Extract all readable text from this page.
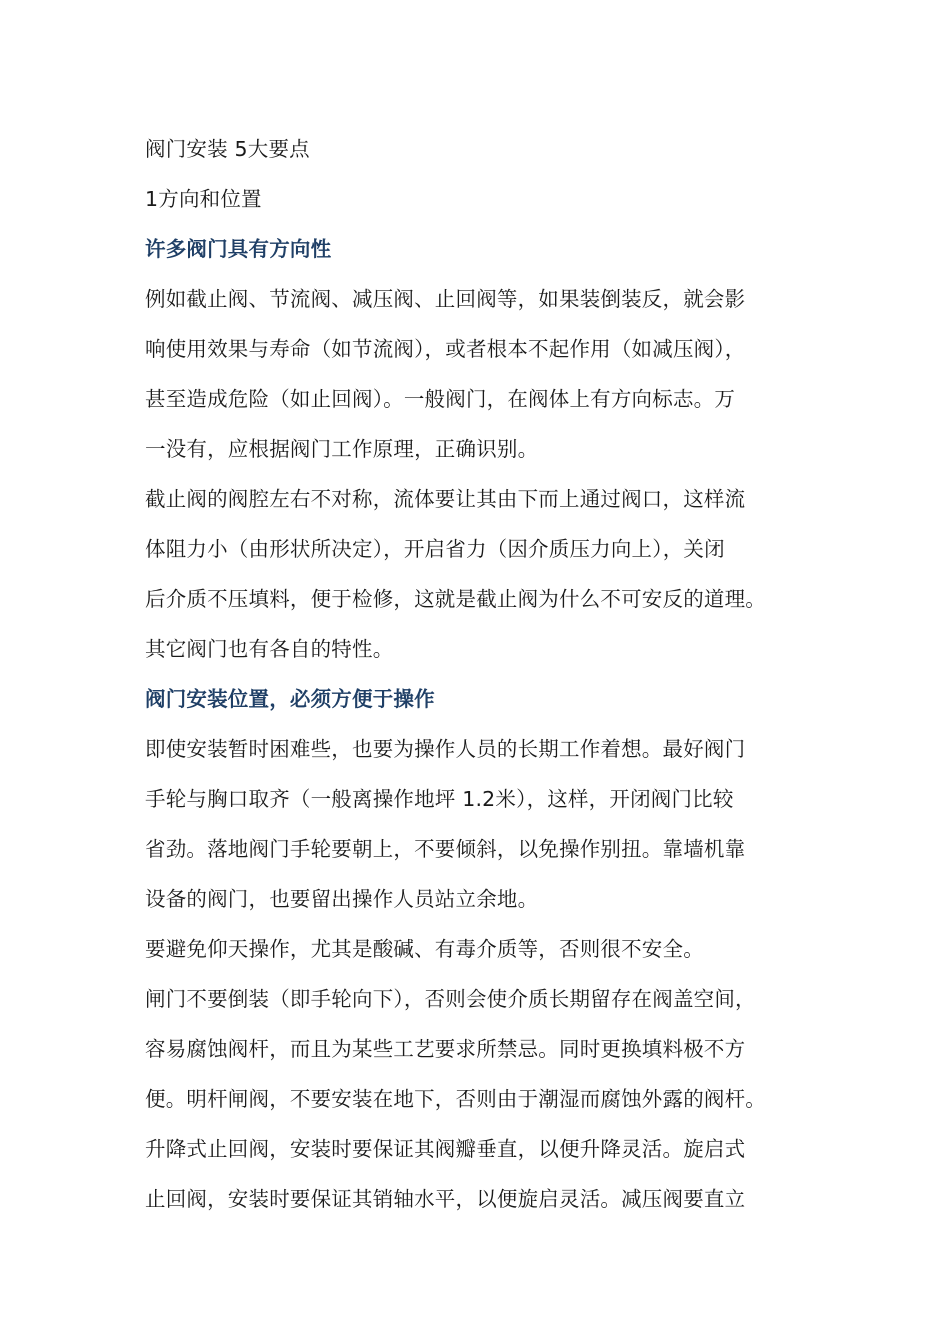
阀门安装 5大要点
1方向和位置
许多阀门具有方向性
例如截止阀、节流阀、减压阀、止回阀等，如果装倒装反，就会影
响使用效果与寿命（如节流阀），或者根本不起作用（如减压阀），
甚至造成危险（如止回阀）。一般阀门，在阀体上有方向标志。万
一没有，应根据阀门工作原理，正确识别。
截止阀的阀腔左右不对称，流体要让其由下而上通过阀口，这样流
体阻力小（由形状所决定），开启省力（因介质压力向上），关闭
后介质不压填料，便于检修，这就是截止阀为什么不可安反的道理。
其它阀门也有各自的特性。
阀门安装位置，必须方便于操作
即使安装暂时困难些，也要为操作人员的长期工作着想。最好阀门
手轮与胸口取齐（一般离操作地坪 1.2米），这样，开闭阀门比较
省劲。落地阀门手轮要朝上，不要倾斜，以免操作别扭。靠墙机靠
设备的阀门，也要留出操作人员站立余地。
要避免仰天操作，尤其是酸碱、有毒介质等，否则很不安全。
闸门不要倒装（即手轮向下），否则会使介质长期留存在阀盖空间，
容易腐蚀阀杆，而且为某些工艺要求所禁忌。同时更换填料极不方
便。明杆闸阀，不要安装在地下，否则由于潮湿而腐蚀外露的阀杆。
升降式止回阀，安装时要保证其阀瓣垂直，以便升降灵活。旋启式
止回阀，安装时要保证其销轴水平，以便旋启灵活。减压阀要直立
